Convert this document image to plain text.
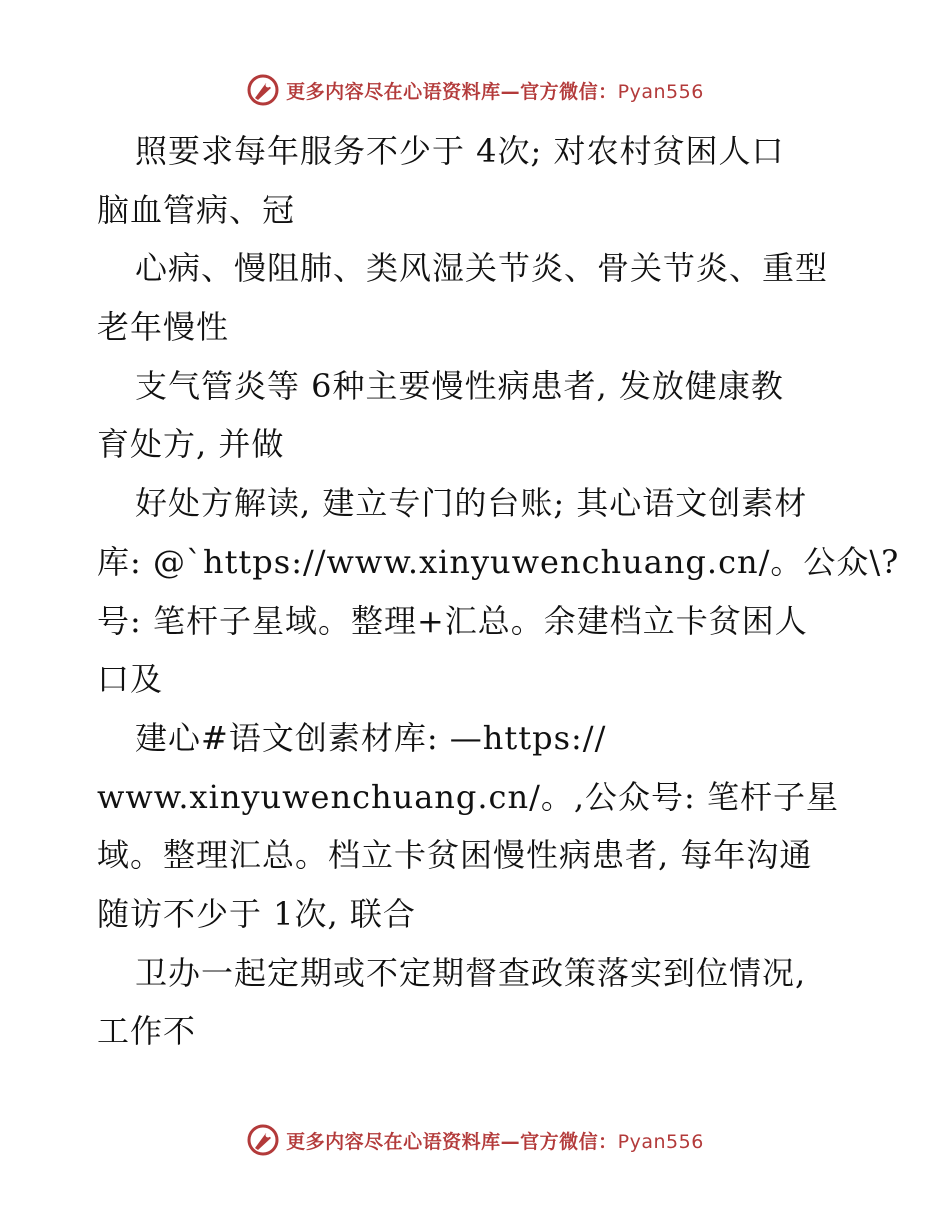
更多内容尽在心语资料库—官方微信：Pyan556
照要求每年服务不少于 4次; 对农村贫困人口
脑血管病、冠
心病、慢阻肺、类风湿关节炎、骨关节炎、重型
老年慢性
支气管炎等 6种主要慢性病患者, 发放健康教
育处方, 并做
好处方解读, 建立专门的台账; 其心语文创素材
库: @`https://www.xinyuwenchuang.cn/。公众\?
号: 笔杆子星域。整理+汇总。余建档立卡贫困人
口及
建心#语文创素材库: —https://
www.xinyuwenchuang.cn/。,公众号: 笔杆子星
域。整理汇总。档立卡贫困慢性病患者, 每年沟通
随访不少于 1次, 联合
卫办一起定期或不定期督查政策落实到位情况,
工作不
更多内容尽在心语资料库—官方微信：Pyan556
